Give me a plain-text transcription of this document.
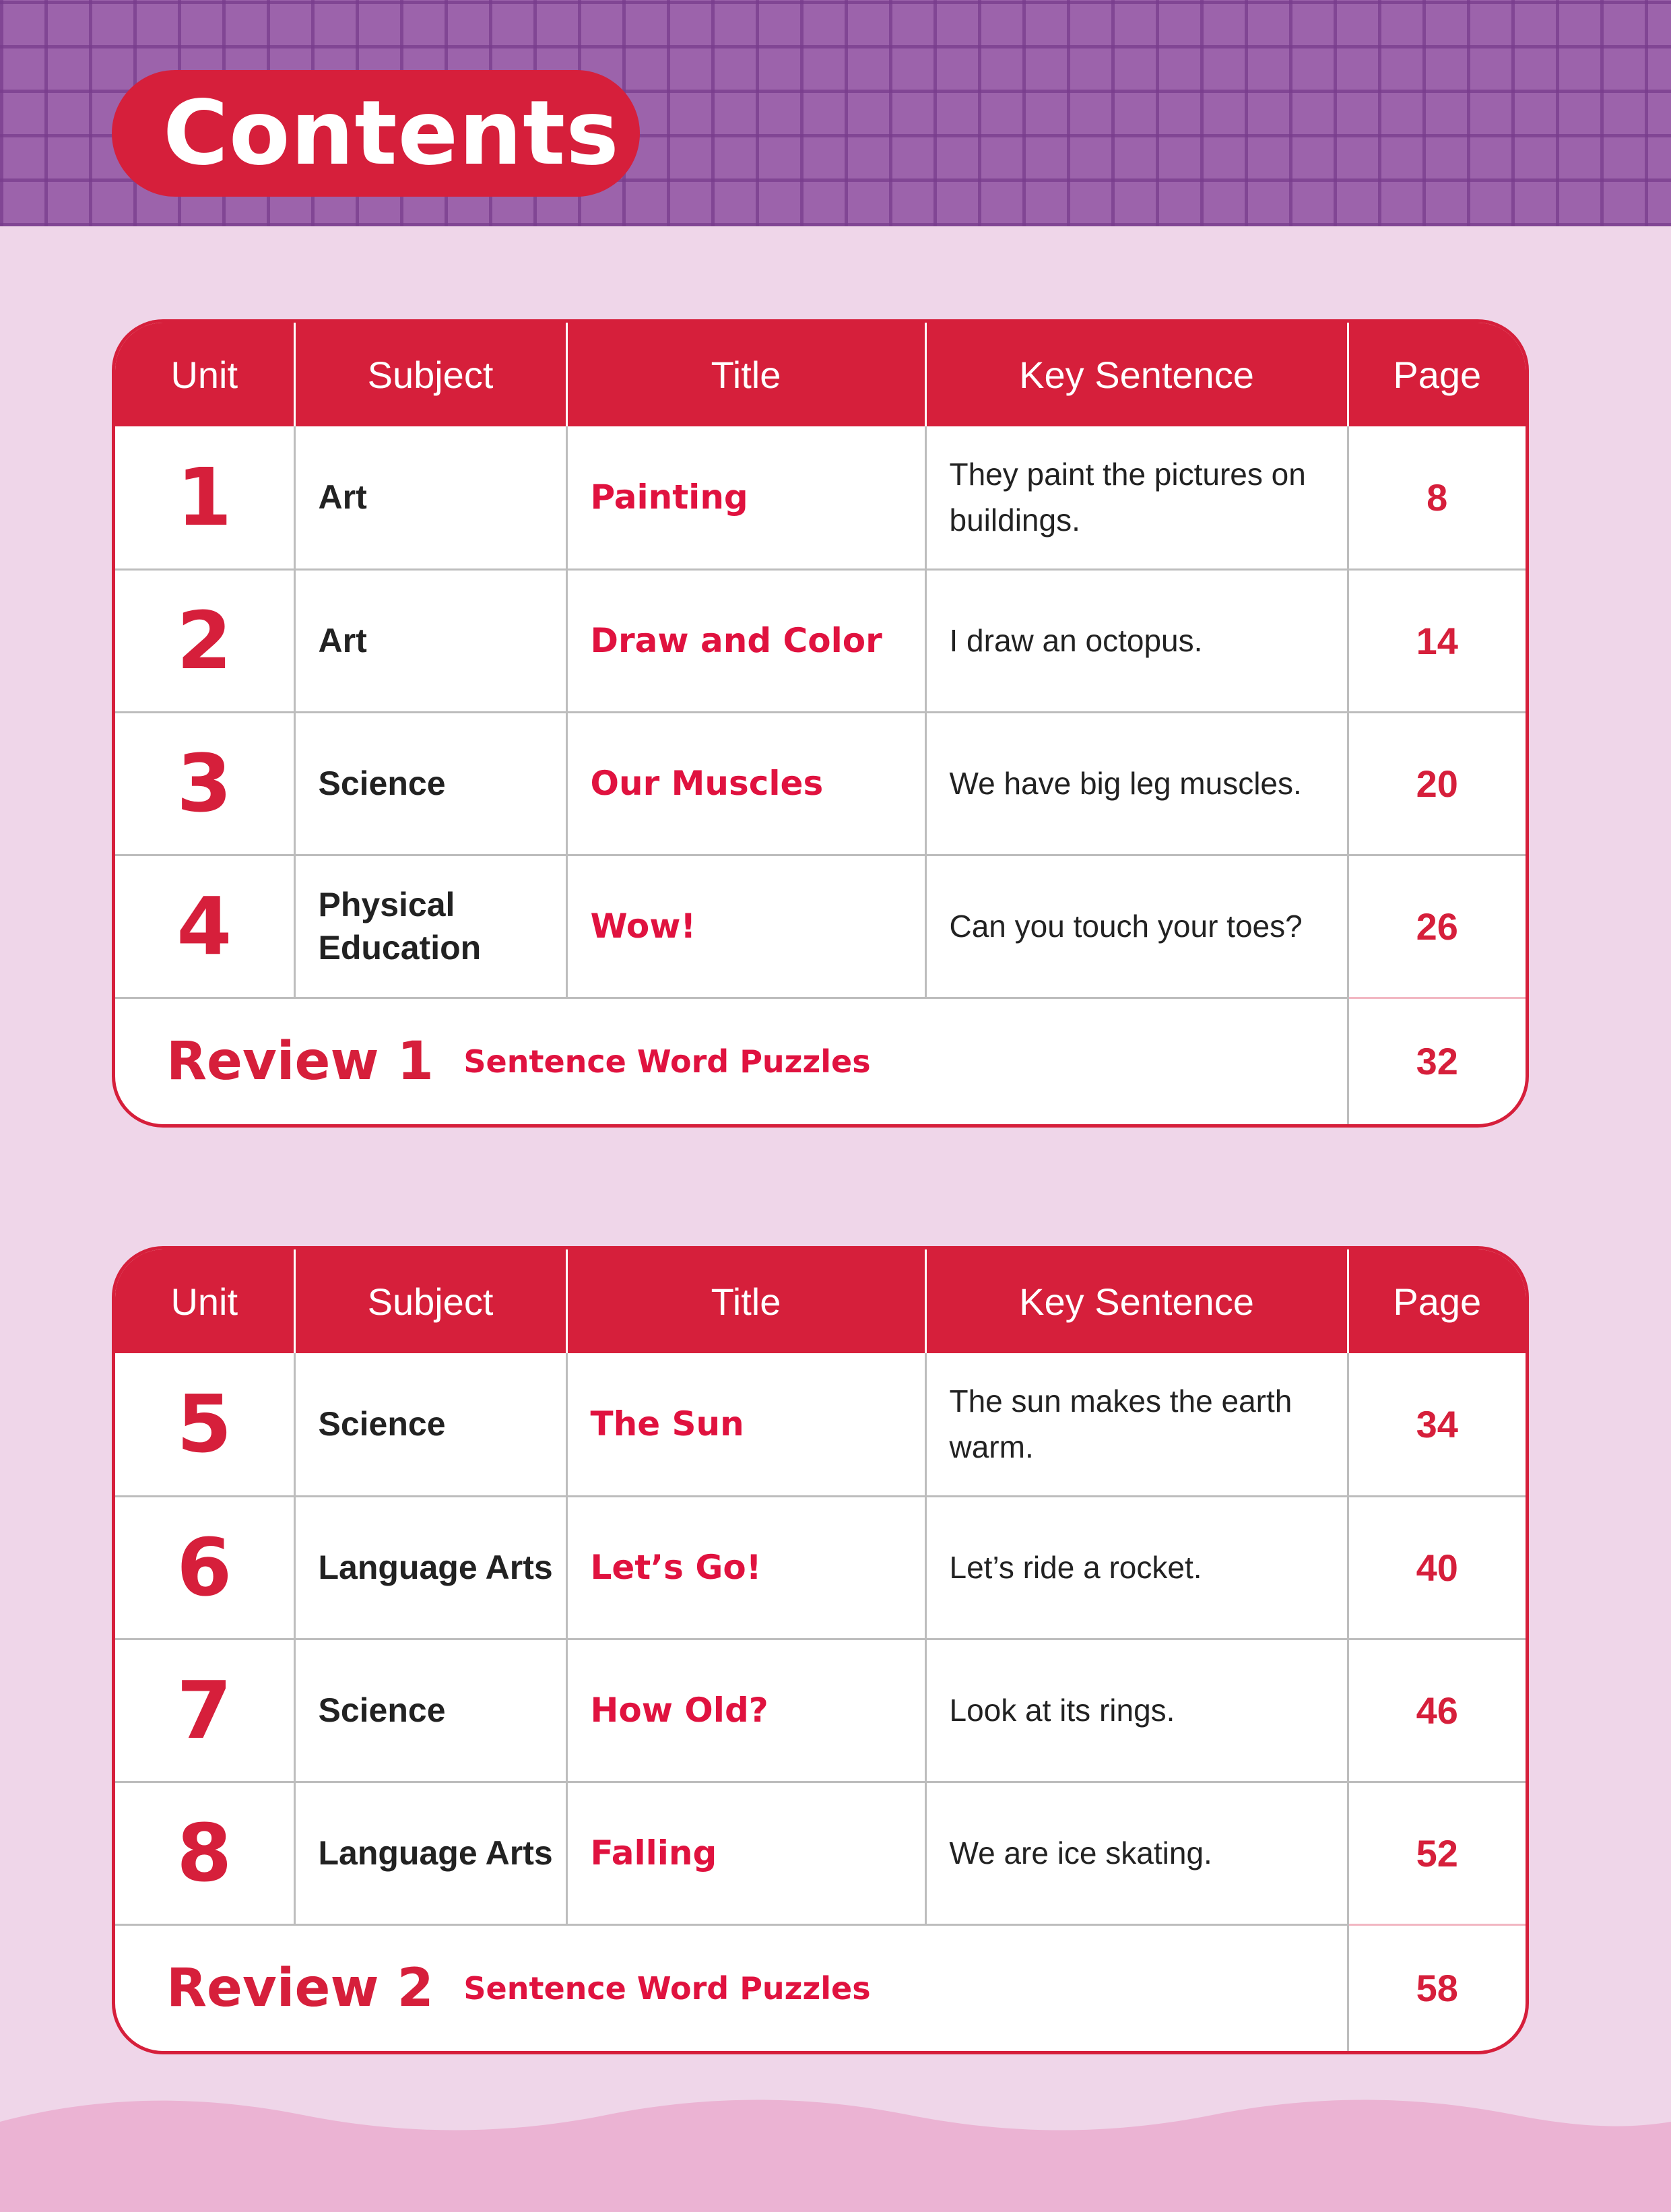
Contents
Unit	Subject	Title	Key Sentence	Page
1	Art	Painting	They paint the pictures on buildings.	8
2	Art	Draw and Color	I draw an octopus.	14
3	Science	Our Muscles	We have big leg muscles.	20
4	Physical Education	Wow!	Can you touch your toes?	26
Review 1 Sentence Word Puzzles				32
Unit	Subject	Title	Key Sentence	Page
5	Science	The Sun	The sun makes the earth warm.	34
6	Language Arts	Let’s Go!	Let’s ride a rocket.	40
7	Science	How Old?	Look at its rings.	46
8	Language Arts	Falling	We are ice skating.	52
Review 2 Sentence Word Puzzles				58
